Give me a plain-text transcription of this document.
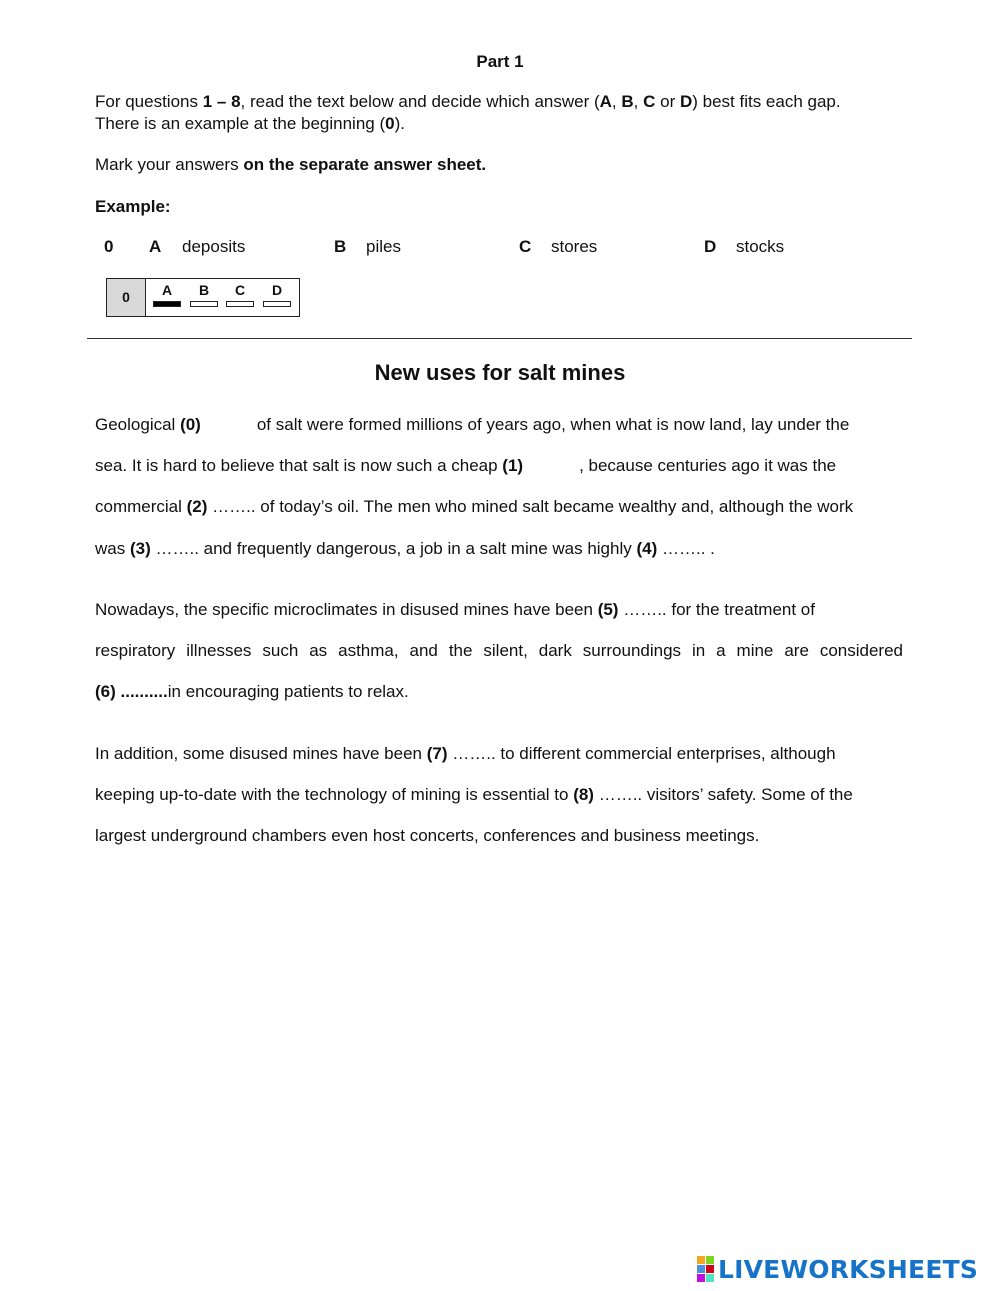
Part 1
For questions 1 – 8, read the text below and decide which answer (A, B, C or D) best fits each gap.
There is an example at the beginning (0).
Mark your answers on the separate answer sheet.
Example:
0 A deposits	B piles	C stores	D stocks
0	A	B	C	D
New uses for salt mines
Geological (0)	of salt were formed millions of years ago, when what is now land, lay under the
sea. It is hard to believe that salt is now such a cheap (1)	, because centuries ago it was the
commercial (2) …….. of today’s oil. The men who mined salt became wealthy and, although the work
was (3) …….. and frequently dangerous, a job in a salt mine was highly (4) …….. .
Nowadays, the specific microclimates in disused mines have been (5) …….. for the treatment of
respiratory illnesses such as asthma, and the silent, dark surroundings in a mine are considered
(6) ..........in encouraging patients to relax.
In addition, some disused mines have been (7) …….. to different commercial enterprises, although
keeping up-to-date with the technology of mining is essential to (8) …….. visitors’ safety. Some of the
largest underground chambers even host concerts, conferences and business meetings.
LIVEWORKSHEETS
